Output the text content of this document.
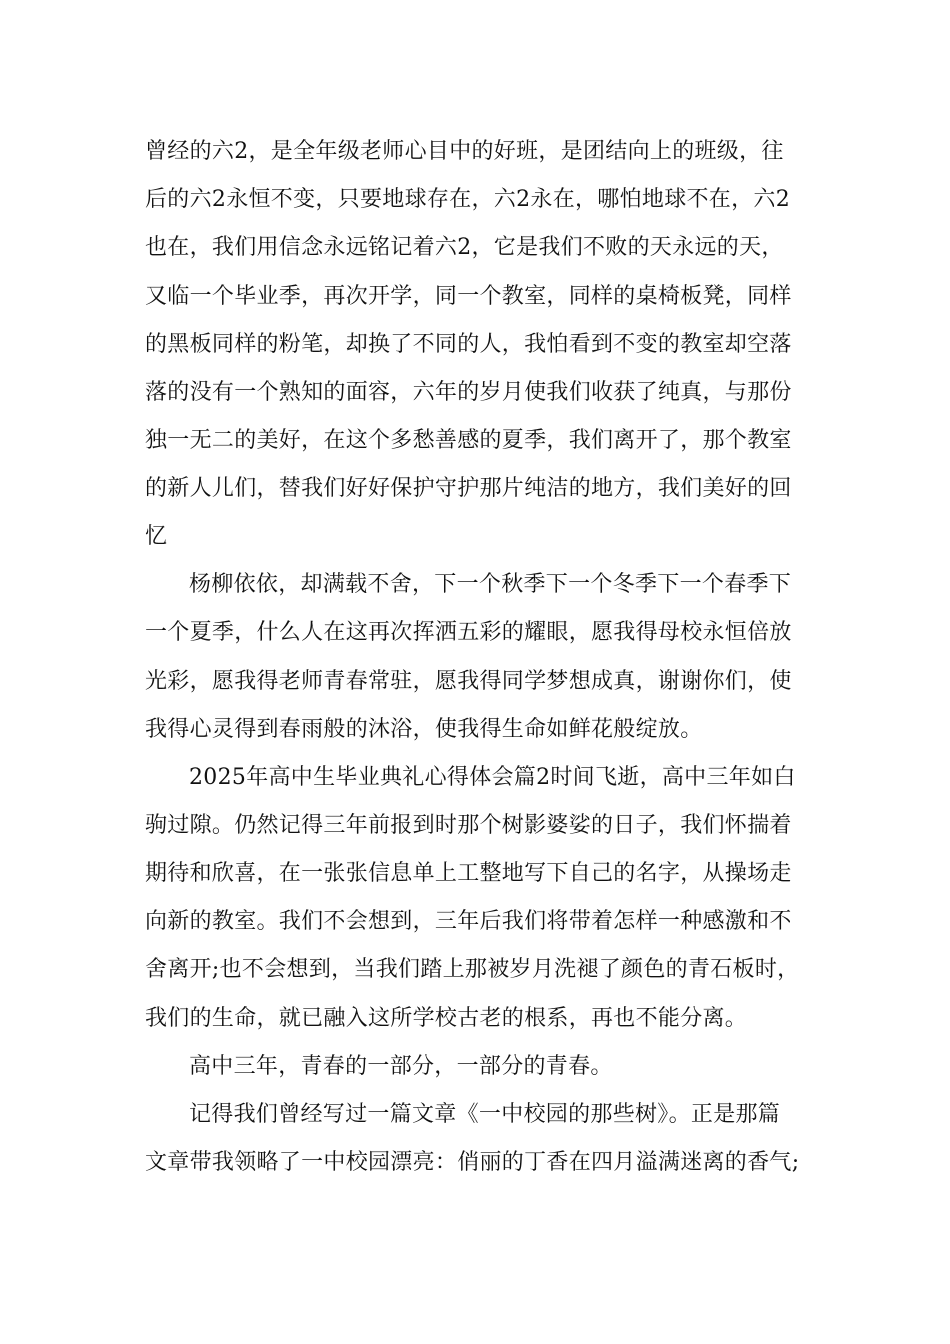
曾经的六2，是全年级老师心目中的好班，是团结向上的班级，往
后的六2永恒不变，只要地球存在，六2永在，哪怕地球不在，六2
也在，我们用信念永远铭记着六2，它是我们不败的天永远的天，
又临一个毕业季，再次开学，同一个教室，同样的桌椅板凳，同样
的黑板同样的粉笔，却换了不同的人，我怕看到不变的教室却空落
落的没有一个熟知的面容，六年的岁月使我们收获了纯真，与那份
独一无二的美好，在这个多愁善感的夏季，我们离开了，那个教室
的新人儿们，替我们好好保护守护那片纯洁的地方，我们美好的回
忆
杨柳依依，却满载不舍，下一个秋季下一个冬季下一个春季下
一个夏季，什么人在这再次挥洒五彩的耀眼，愿我得母校永恒倍放
光彩，愿我得老师青春常驻，愿我得同学梦想成真，谢谢你们，使
我得心灵得到春雨般的沐浴，使我得生命如鲜花般绽放。
2025年高中生毕业典礼心得体会篇2时间飞逝，高中三年如白
驹过隙。仍然记得三年前报到时那个树影婆娑的日子，我们怀揣着
期待和欣喜，在一张张信息单上工整地写下自己的名字，从操场走
向新的教室。我们不会想到，三年后我们将带着怎样一种感激和不
舍离开;也不会想到，当我们踏上那被岁月洗褪了颜色的青石板时，
我们的生命，就已融入这所学校古老的根系，再也不能分离。
高中三年，青春的一部分，一部分的青春。
记得我们曾经写过一篇文章《一中校园的那些树》。正是那篇
文章带我领略了一中校园漂亮：俏丽的丁香在四月溢满迷离的香气;
